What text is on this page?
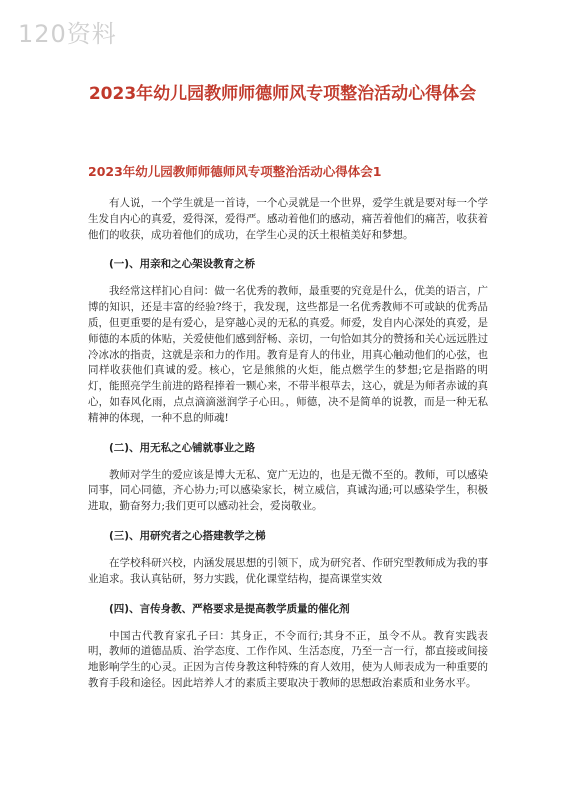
120资料
2023年幼儿园教师师德师风专项整治活动心得体会
2023年幼儿园教师师德师风专项整治活动心得体会1

有人说，一个学生就是一首诗，一个心灵就是一个世界，爱学生就是要对每一个学生发自内心的真爱，爱得深，爱得严。感动着他们的感动，痛苦着他们的痛苦，收获着他们的收获，成功着他们的成功，在学生心灵的沃土根植美好和梦想。

(一)、用亲和之心架设教育之桥

我经常这样扪心自问：做一名优秀的教师，最重要的究竟是什么，优美的语言，广博的知识，还是丰富的经验?终于，我发现，这些都是一名优秀教师不可或缺的优秀品质，但更重要的是有爱心，是穿越心灵的无私的真爱。师爱，发自内心深处的真爱，是师德的本质的体贴，关爱使他们感到舒畅、亲切，一句恰如其分的赞扬和关心远远胜过冷冰冰的指责，这就是亲和力的作用。教育是育人的伟业，用真心触动他们的心弦，也同样收获他们真诚的爱。核心，它是熊熊的火炬，能点燃学生的梦想;它是指路的明灯，能照亮学生前进的路程捧着一颗心来，不带半根草去，这心，就是为师者赤诚的真心，如春风化雨，点点滴滴滋润学子心田。，师德，决不是简单的说教，而是一种无私精神的体现，一种不息的师魂!

(二)、用无私之心铺就事业之路

教师对学生的爱应该是博大无私、宽广无边的，也是无微不至的。教师，可以感染同事，同心同德，齐心协力;可以感染家长，树立威信，真诚沟通;可以感染学生，积极进取，勤奋努力;我们更可以感动社会，爱岗敬业。

(三)、用研究者之心搭建教学之梯

在学校科研兴校，内涵发展思想的引领下，成为研究者、作研究型教师成为我的事业追求。我认真钻研，努力实践，优化课堂结构，提高课堂实效

(四)、言传身教、严格要求是提高教学质量的催化剂

中国古代教育家孔子曰：其身正，不令而行;其身不正，虽令不从。教育实践表明，教师的道德品质、治学态度、工作作风、生活态度，乃至一言一行，都直接或间接地影响学生的心灵。正因为言传身教这种特殊的育人效用，使为人师表成为一种重要的教育手段和途径。因此培养人才的素质主要取决于教师的思想政治素质和业务水平。
